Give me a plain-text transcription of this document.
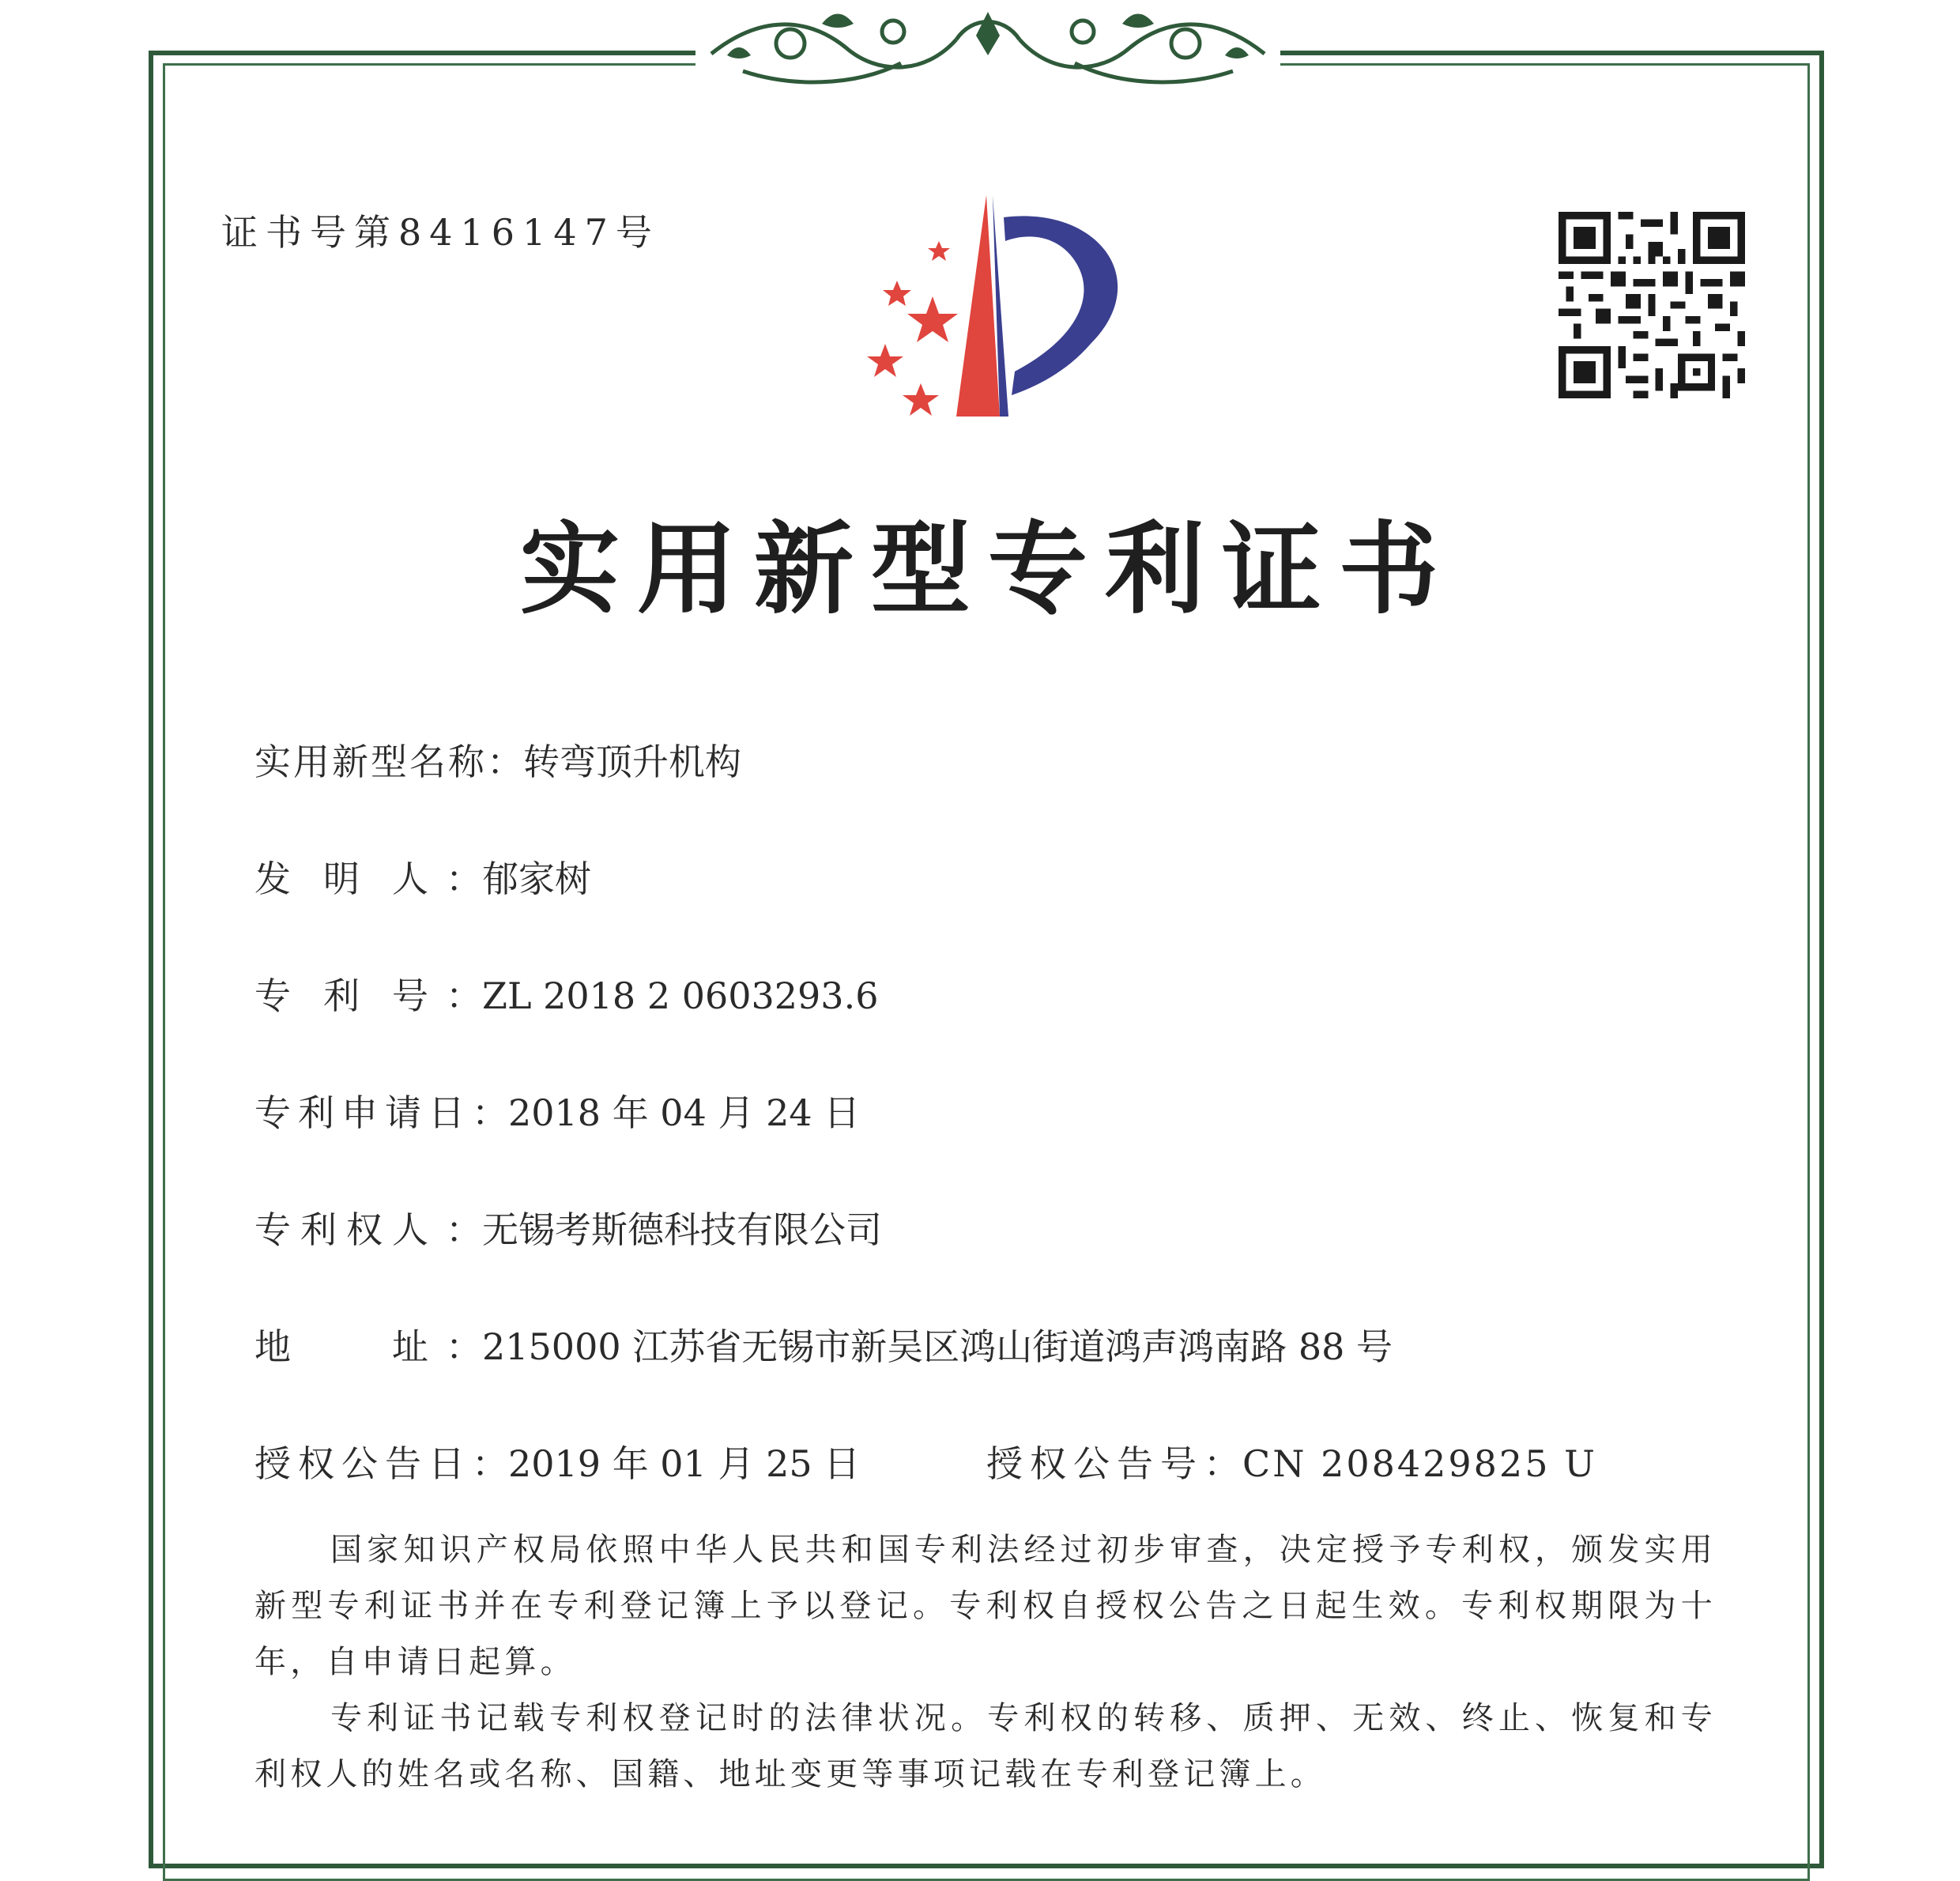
证书号第8416147号
实用新型专利证书
实用新型名称：转弯顶升机构
发 明 人 ：郁家树
专 利 号 ：ZL 2018 2 0603293.6
专利申请日：2018 年 04 月 24 日
专 利 权 人 ：无锡考斯德科技有限公司
地	址 ：215000 江苏省无锡市新吴区鸿山街道鸿声鸿南路 88 号
授权公告日：2019 年 01 月 25 日	授权公告号：CN 208429825 U
国家知识产权局依照中华人民共和国专利法经过初步审查，决定授予专利权，颁发实用新型专利证书并在专利登记簿上予以登记。专利权自授权公告之日起生效。专利权期限为十年，自申请日起算。
专利证书记载专利权登记时的法律状况。专利权的转移、质押、无效、终止、恢复和专利权人的姓名或名称、国籍、地址变更等事项记载在专利登记簿上。
